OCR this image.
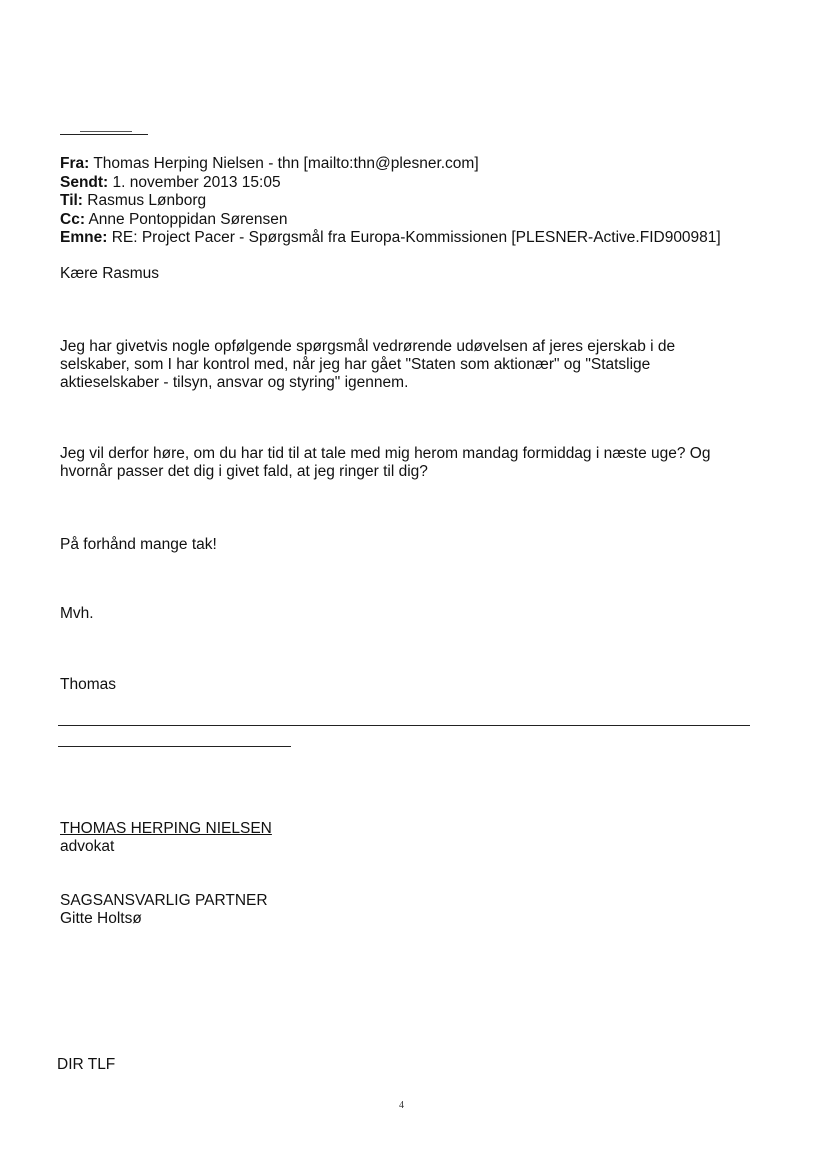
Fra: Thomas Herping Nielsen - thn [mailto:thn@plesner.com]
Sendt: 1. november 2013 15:05
Til: Rasmus Lønborg
Cc: Anne Pontoppidan Sørensen
Emne: RE: Project Pacer - Spørgsmål fra Europa-Kommissionen [PLESNER-Active.FID900981]
Kære Rasmus
Jeg har givetvis nogle opfølgende spørgsmål vedrørende udøvelsen af jeres ejerskab i de
selskaber, som I har kontrol med, når jeg har gået "Staten som aktionær" og "Statslige
aktieselskaber - tilsyn, ansvar og styring" igennem.
Jeg vil derfor høre, om du har tid til at tale med mig herom mandag formiddag i næste uge? Og
hvornår passer det dig i givet fald, at jeg ringer til dig?
På forhånd mange tak!
Mvh.
Thomas
THOMAS HERPING NIELSEN
advokat
SAGSANSVARLIG PARTNER
Gitte Holtsø
DIR TLF
4
